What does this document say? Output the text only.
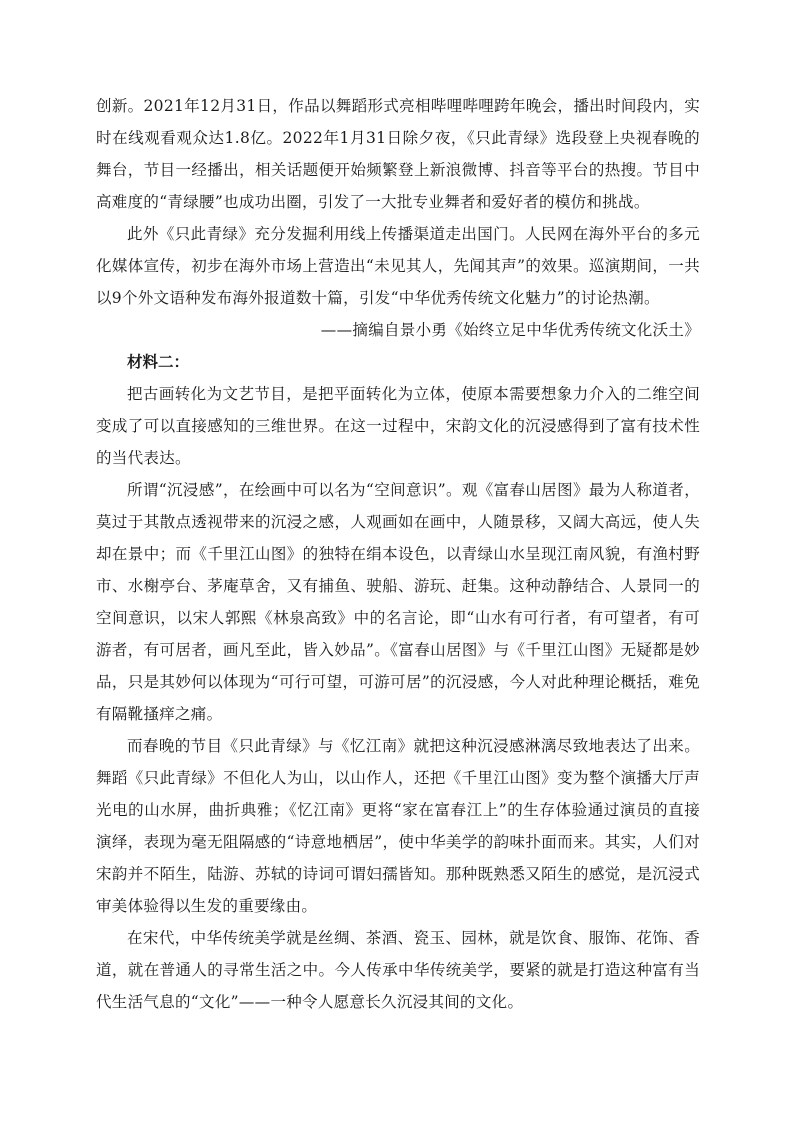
创新。2021年12月31日，作品以舞蹈形式亮相哔哩哔哩跨年晚会，播出时间段内，实时在线观看观众达1.8亿。2022年1月31日除夕夜，《只此青绿》选段登上央视春晚的舞台，节目一经播出，相关话题便开始频繁登上新浪微博、抖音等平台的热搜。节目中高难度的“青绿腰”也成功出圈，引发了一大批专业舞者和爱好者的模仿和挑战。

此外《只此青绿》充分发掘利用线上传播渠道走出国门。人民网在海外平台的多元化媒体宣传，初步在海外市场上营造出“未见其人，先闻其声”的效果。巡演期间，一共以9个外文语种发布海外报道数十篇，引发“中华优秀传统文化魅力”的讨论热潮。

——摘编自景小勇《始终立足中华优秀传统文化沃土》

材料二：

把古画转化为文艺节目，是把平面转化为立体，使原本需要想象力介入的二维空间变成了可以直接感知的三维世界。在这一过程中，宋韵文化的沉浸感得到了富有技术性的当代表达。

所谓“沉浸感”，在绘画中可以名为“空间意识”。观《富春山居图》最为人称道者，莫过于其散点透视带来的沉浸之感，人观画如在画中，人随景移，又阔大高远，使人失却在景中；而《千里江山图》的独特在绢本设色，以青绿山水呈现江南风貌，有渔村野市、水榭亭台、茅庵草舍，又有捕鱼、驶船、游玩、赶集。这种动静结合、人景同一的空间意识，以宋人郭熙《林泉高致》中的名言论，即“山水有可行者，有可望者，有可游者，有可居者，画凡至此，皆入妙品”。《富春山居图》与《千里江山图》无疑都是妙品，只是其妙何以体现为“可行可望，可游可居”的沉浸感，今人对此种理论概括，难免有隔靴搔痒之痛。

而春晚的节目《只此青绿》与《忆江南》就把这种沉浸感淋漓尽致地表达了出来。舞蹈《只此青绿》不但化人为山，以山作人，还把《千里江山图》变为整个演播大厅声光电的山水屏，曲折典雅；《忆江南》更将“家在富春江上”的生存体验通过演员的直接演绎，表现为毫无阻隔感的“诗意地栖居”，使中华美学的韵味扑面而来。其实，人们对宋韵并不陌生，陆游、苏轼的诗词可谓妇孺皆知。那种既熟悉又陌生的感觉，是沉浸式审美体验得以生发的重要缘由。

在宋代，中华传统美学就是丝绸、茶酒、瓷玉、园林，就是饮食、服饰、花饰、香道，就在普通人的寻常生活之中。今人传承中华传统美学，要紧的就是打造这种富有当代生活气息的“文化”——一种令人愿意长久沉浸其间的文化。
